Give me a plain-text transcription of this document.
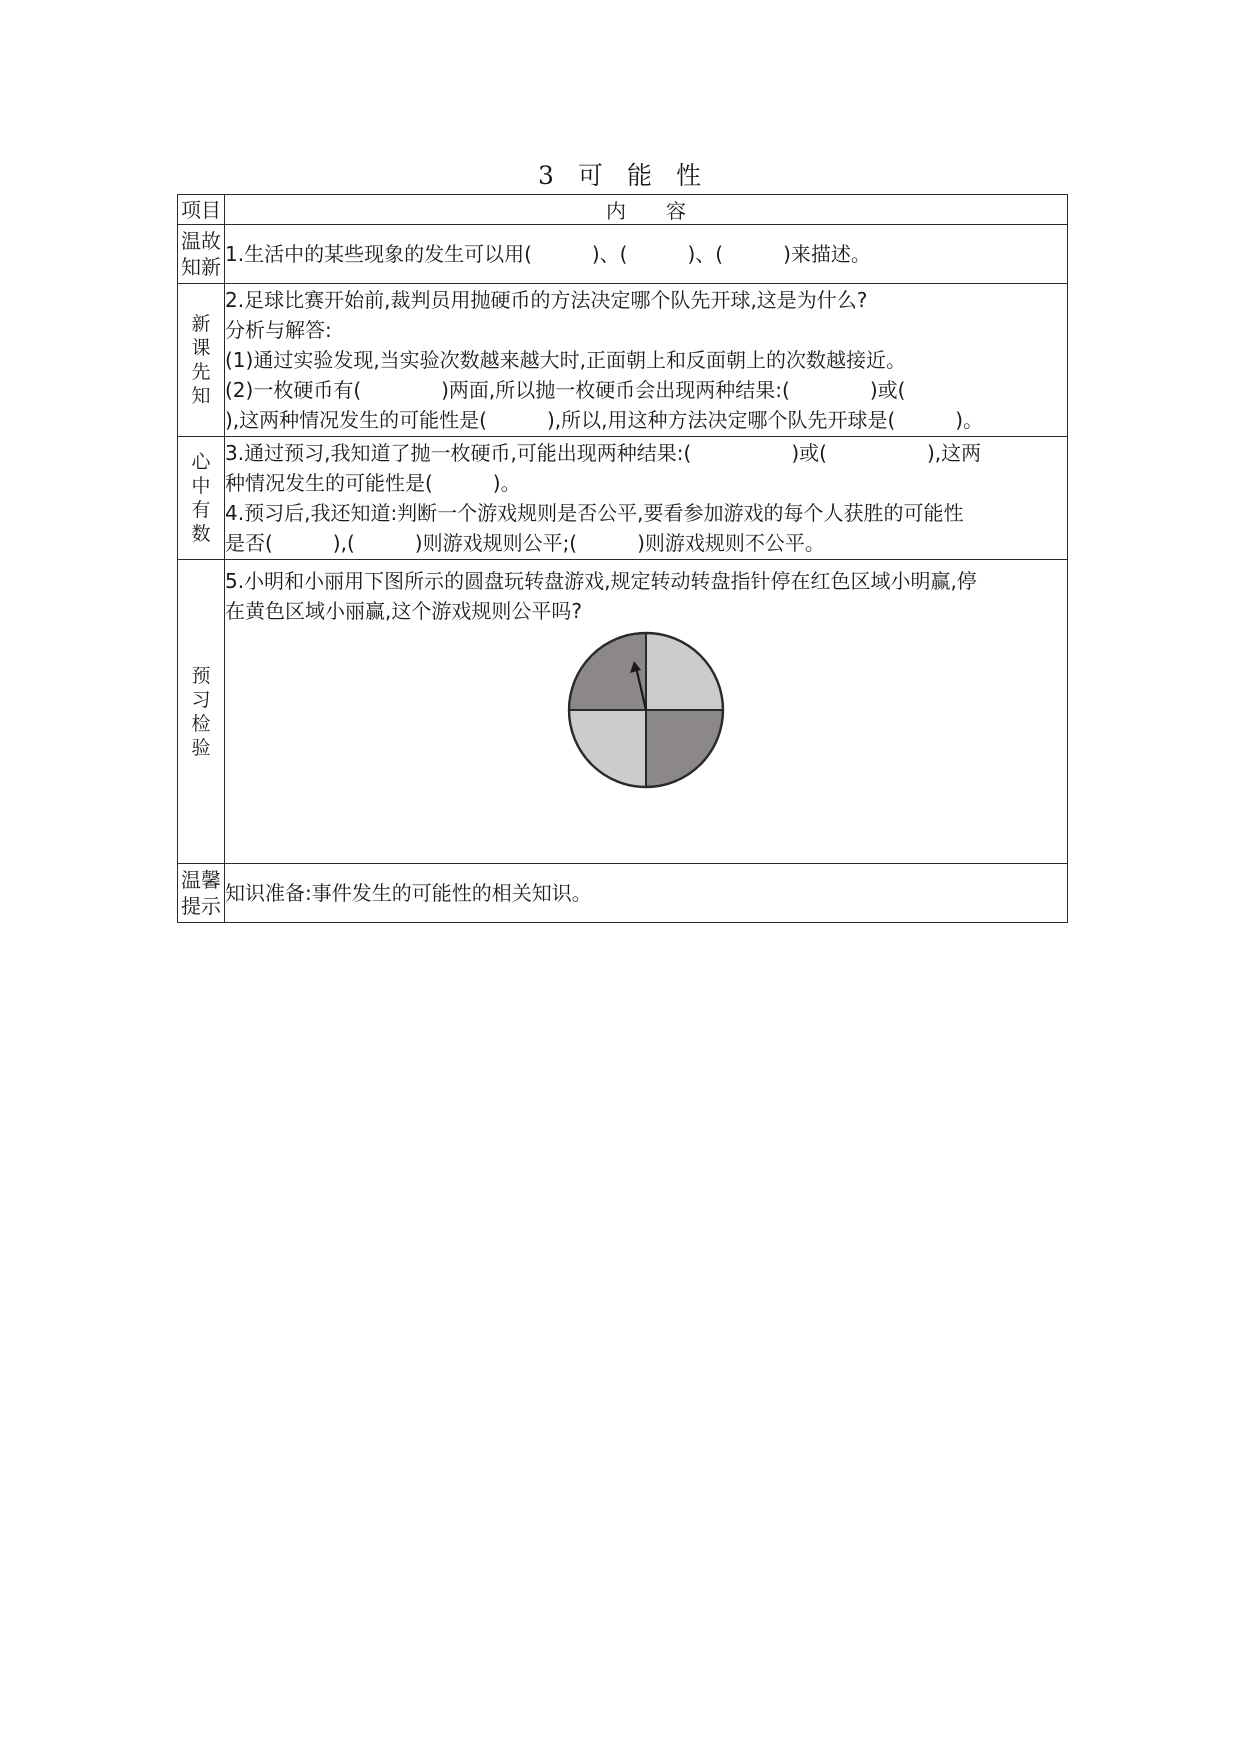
3 可 能 性
项目	内　　容

温故知新	1.生活中的某些现象的发生可以用(　　　)、(　　　)、(　　　)来描述。

新课先知	2.足球比赛开始前,裁判员用抛硬币的方法决定哪个队先开球,这是为什么?
分析与解答:
(1)通过实验发现,当实验次数越来越大时,正面朝上和反面朝上的次数越接近。
(2)一枚硬币有(　　　　)两面,所以抛一枚硬币会出现两种结果:(　　　　)或(
),这两种情况发生的可能性是(　　　),所以,用这种方法决定哪个队先开球是(　　　)。

心中有数	3.通过预习,我知道了抛一枚硬币,可能出现两种结果:(　　　　　)或(　　　　　),这两
种情况发生的可能性是(　　　)。
4.预习后,我还知道:判断一个游戏规则是否公平,要看参加游戏的每个人获胜的可能性
是否(　　　),(　　　)则游戏规则公平;(　　　)则游戏规则不公平。

预习检验	5.小明和小丽用下图所示的圆盘玩转盘游戏,规定转动转盘指针停在红色区域小明赢,停
在黄色区域小丽赢,这个游戏规则公平吗?

温馨提示	知识准备:事件发生的可能性的相关知识。
